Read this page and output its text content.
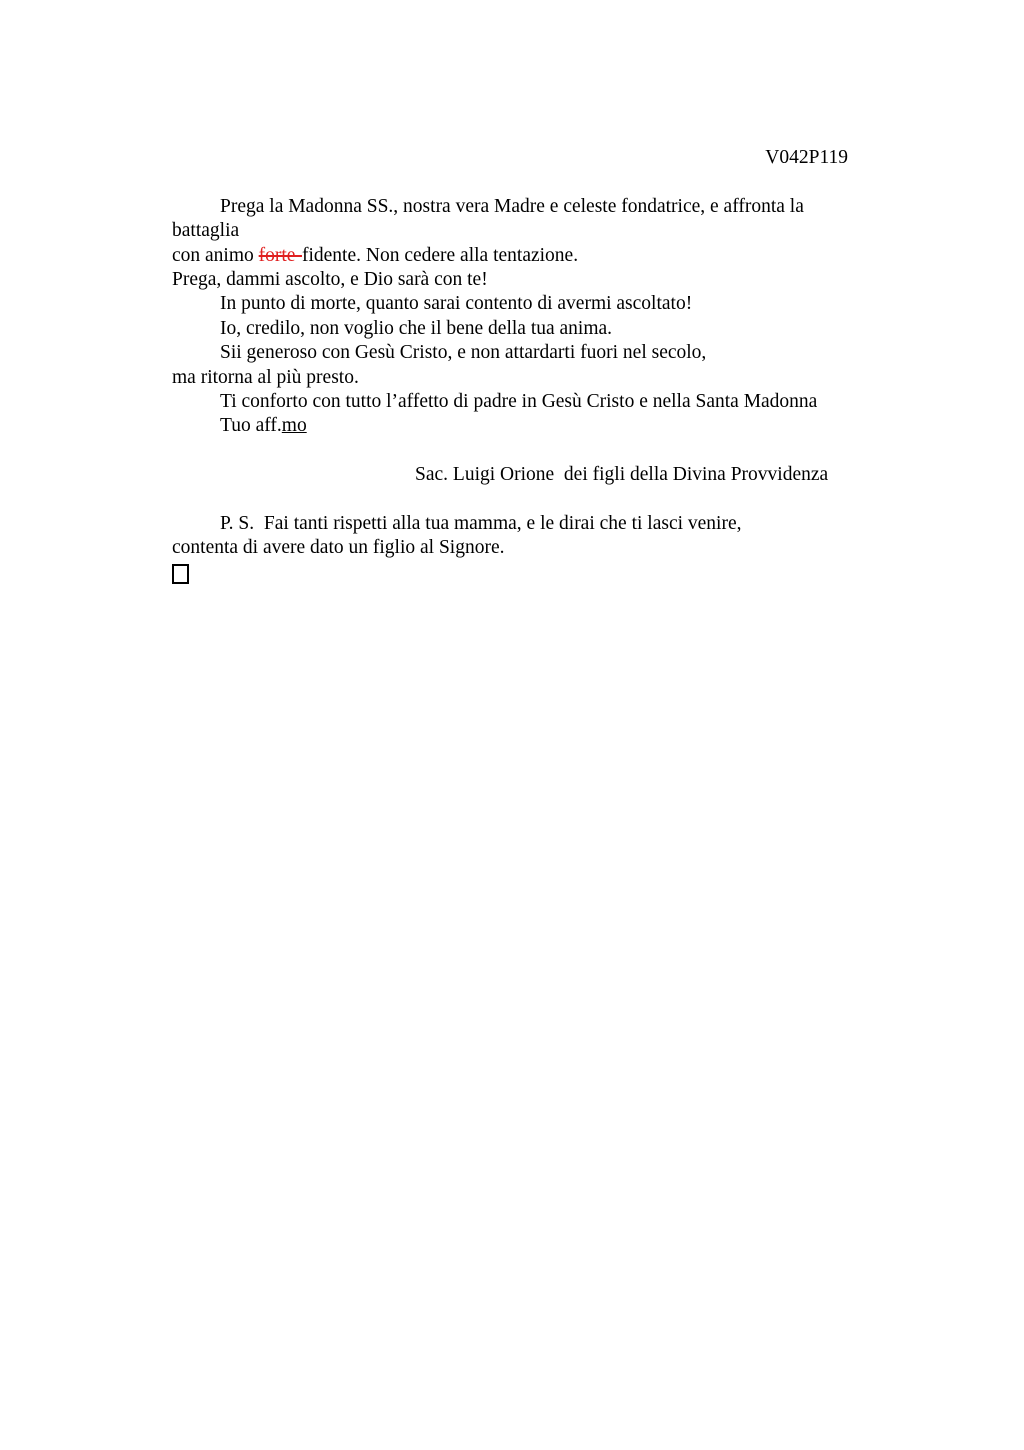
V042P119
Prega la Madonna SS., nostra vera Madre e celeste fondatrice, e affronta la
battaglia
con animo forte-fidente. Non cedere alla tentazione.
Prega, dammi ascolto, e Dio sarà con te!
In punto di morte, quanto sarai contento di avermi ascoltato!
Io, credilo, non voglio che il bene della tua anima.
Sii generoso con Gesù Cristo, e non attardarti fuori nel secolo,
ma ritorna al più presto.
Ti conforto con tutto l’affetto di padre in Gesù Cristo e nella Santa Madonna
Tuo aff.mo
Sac. Luigi Orione  dei figli della Divina Provvidenza
P. S.  Fai tanti rispetti alla tua mamma, e le dirai che ti lasci venire,
contenta di avere dato un figlio al Signore.
